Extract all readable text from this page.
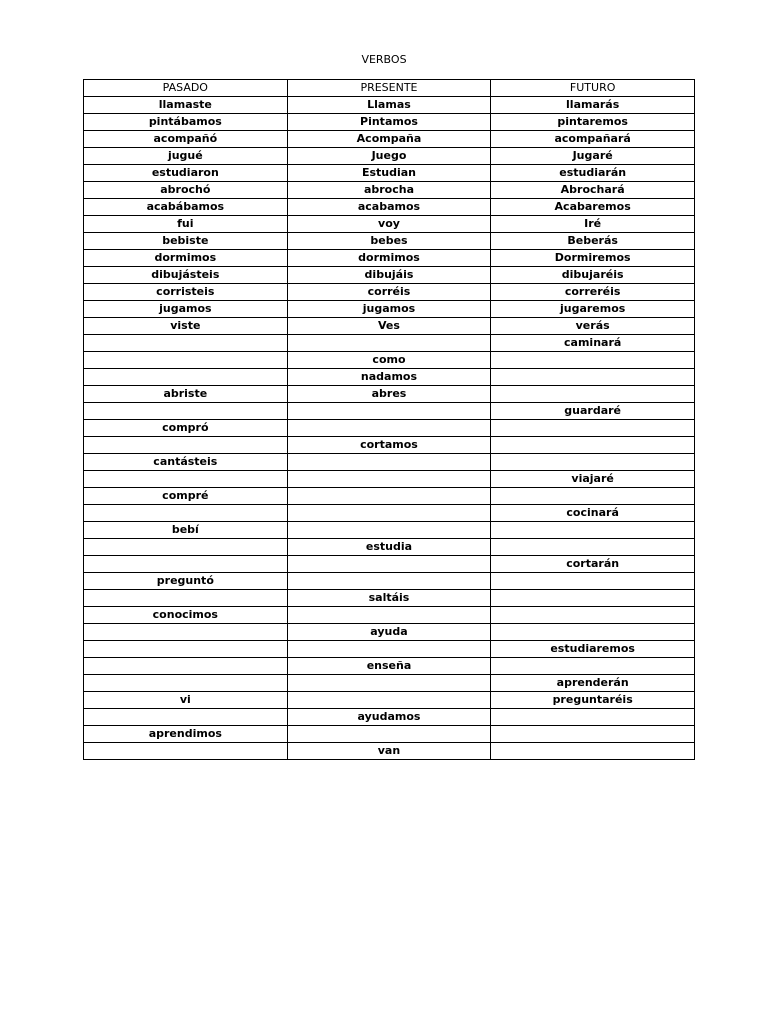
VERBOS
PASADO	PRESENTE	FUTURO
llamaste	Llamas	llamarás
pintábamos	Pintamos	pintaremos
acompañó	Acompaña	acompañará
jugué	Juego	Jugaré
estudiaron	Estudian	estudiarán
abrochó	abrocha	Abrochará
acabábamos	acabamos	Acabaremos
fui	voy	Iré
bebiste	bebes	Beberás
dormimos	dormimos	Dormiremos
dibujásteis	dibujáis	dibujaréis
corristeis	corréis	correréis
jugamos	jugamos	jugaremos
viste	Ves	verás
		caminará
	como	
	nadamos	
abriste	abres	
		guardaré
compró		
	cortamos	
cantásteis		
		viajaré
compré		
		cocinará
bebí		
	estudia	
		cortarán
preguntó		
	saltáis	
conocimos		
	ayuda	
		estudiaremos
	enseña	
		aprenderán
vi		preguntaréis
	ayudamos	
aprendimos		
	van	
